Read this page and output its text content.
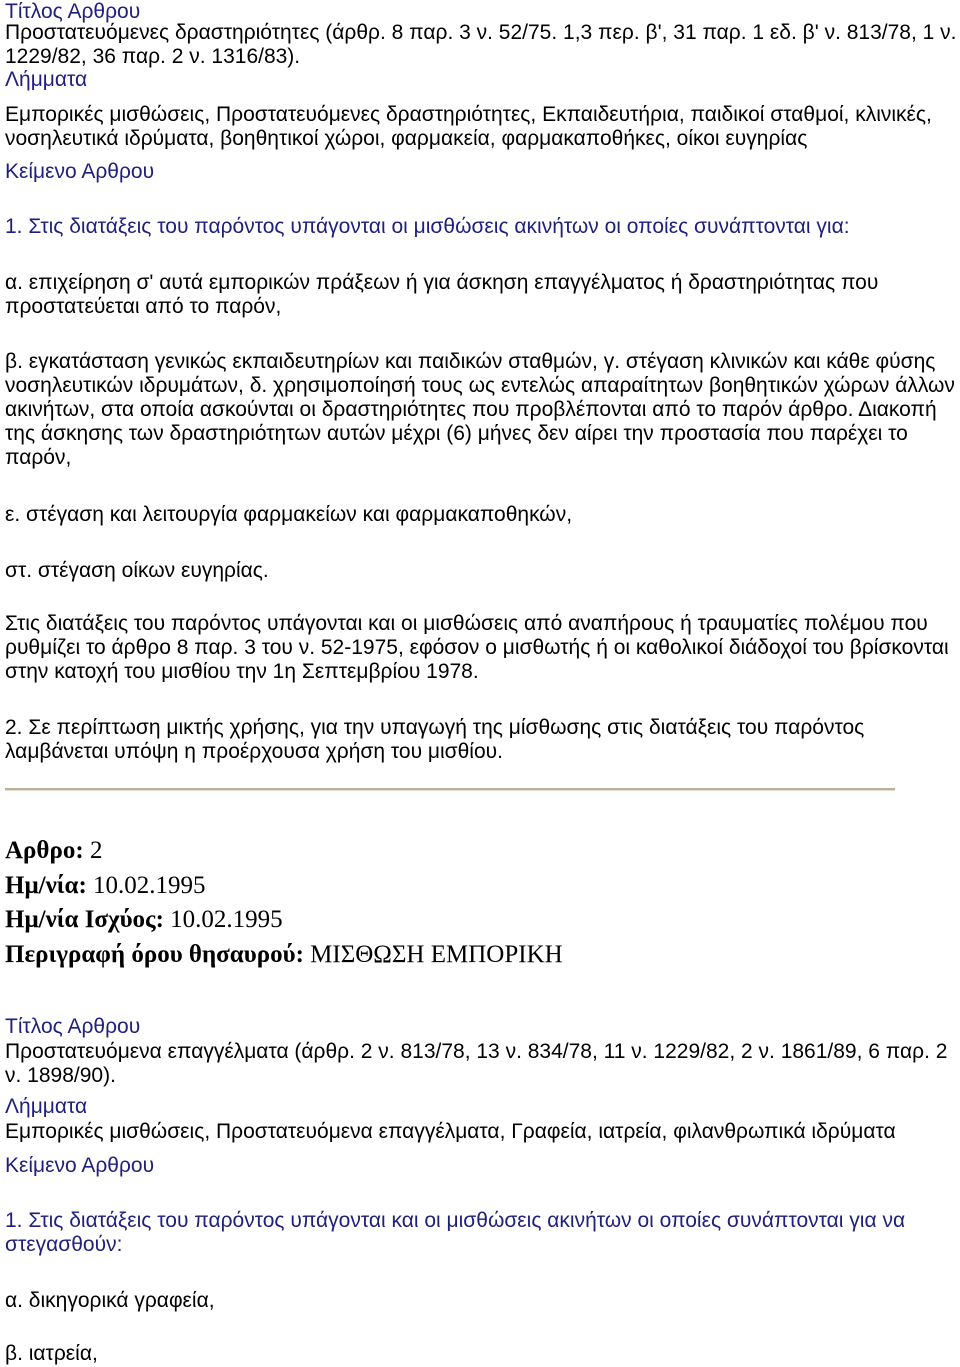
Τίτλος Αρθρου
Προστατευόμενες δραστηριότητες (άρθρ. 8 παρ. 3 ν. 52/75. 1,3 περ. β', 31 παρ. 1 εδ. β' ν. 813/78, 1 ν. 1229/82, 36 παρ. 2 ν. 1316/83).
Λήμματα
Εμπορικές μισθώσεις, Προστατευόμενες δραστηριότητες, Εκπαιδευτήρια, παιδικοί σταθμοί, κλινικές, νοσηλευτικά ιδρύματα, βοηθητικοί χώροι, φαρμακεία, φαρμακαποθήκες, οίκοι ευγηρίας
Κείμενο Αρθρου

1. Στις διατάξεις του παρόντος υπάγονται οι μισθώσεις ακινήτων οι οποίες συνάπτονται για:

α. επιχείρηση σ' αυτά εμπορικών πράξεων ή για άσκηση επαγγέλματος ή δραστηριότητας που προστατεύεται από το παρόν,

β. εγκατάσταση γενικώς εκπαιδευτηρίων και παιδικών σταθμών, γ. στέγαση κλινικών και κάθε φύσης νοσηλευτικών ιδρυμάτων, δ. χρησιμοποίησή τους ως εντελώς απαραίτητων βοηθητικών χώρων άλλων ακινήτων, στα οποία ασκούνται οι δραστηριότητες που προβλέπονται από το παρόν άρθρο. Διακοπή της άσκησης των δραστηριότητων αυτών μέχρι (6) μήνες δεν αίρει την προστασία που παρέχει το παρόν,

ε. στέγαση και λειτουργία φαρμακείων και φαρμακαποθηκών,

στ. στέγαση οίκων ευγηρίας.

Στις διατάξεις του παρόντος υπάγονται και οι μισθώσεις από αναπήρους ή τραυματίες πολέμου που ρυθμίζει το άρθρο 8 παρ. 3 του ν. 52-1975, εφόσον ο μισθωτής ή οι καθολικοί διάδοχοί του βρίσκονται στην κατοχή του μισθίου την 1η Σεπτεμβρίου 1978.

2. Σε περίπτωση μικτής χρήσης, για την υπαγωγή της μίσθωσης στις διατάξεις του παρόντος λαμβάνεται υπόψη η προέρχουσα χρήση του μισθίου.

Αρθρο: 2
Ημ/νία: 10.02.1995
Ημ/νία Ισχύος: 10.02.1995
Περιγραφή όρου θησαυρού: ΜΙΣΘΩΣΗ ΕΜΠΟΡΙΚΗ
Τίτλος Αρθρου
Προστατευόμενα επαγγέλματα (άρθρ. 2 ν. 813/78, 13 ν. 834/78, 11 ν. 1229/82, 2 ν. 1861/89, 6 παρ. 2 ν. 1898/90).
Λήμματα
Εμπορικές μισθώσεις, Προστατευόμενα επαγγέλματα, Γραφεία, ιατρεία, φιλανθρωπικά ιδρύματα
Κείμενο Αρθρου

1. Στις διατάξεις του παρόντος υπάγονται και οι μισθώσεις ακινήτων οι οποίες συνάπτονται για να στεγασθούν:

α. δικηγορικά γραφεία,

β. ιατρεία,
